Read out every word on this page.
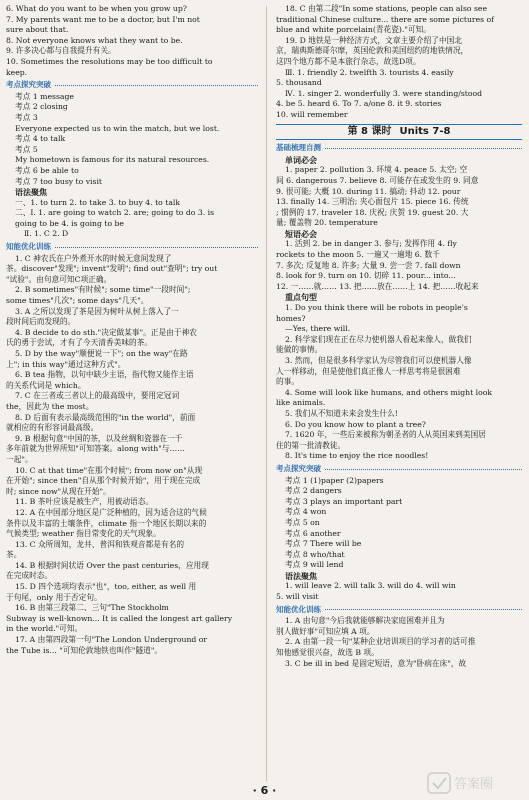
6. What do you want to be when you grow up?
7. My parents want me to be a doctor, but I'm not
sure about that.
8. Not everyone knows what they want to be.
9. 许多决心都与自我提升有关。
10. Sometimes the resolutions may be too difficult to
keep.
考点探究突破
考点 1 message
考点 2 closing
考点 3
Everyone expected us to win the match, but we lost.
考点 4 to talk
考点 5
My hometown is famous for its natural resources.
考点 6 be able to
考点 7 too busy to visit
语法聚焦
一、1. to turn 2. to take 3. to buy 4. to talk
二、Ⅰ. 1. are going to watch 2. are; going to do 3. is
going to be 4. is going to be
Ⅱ. 1. C 2. D
知能优化训练
1. C 神农氏在户外煮开水的时候无意间发现了
茶。discover"发现"; invent"发明"; find out"查明"; try out
"试验"。由句意可知C项正确。
2. B sometimes"有时候"; some time"一段时间";
some times"几次"; some days"几天"。
3. A 之所以发现了茶是因为树叶从树上落入了一
段时间后而发现的。
4. B decide to do sth."决定做某事"。正是由于神农
氏的勇于尝试，才有了今天清香美味的茶。
5. D by the way"顺便说一下"; on the way"在路
上"; in this way"通过这种方式"。
6. B tea 指物，以句中缺少主语，指代物又能作主语
的关系代词是 which。
7. C 在三者或三者以上的最高级中，要用定冠词
the，因此为 the most。
8. D 后面有表示最高级范围的"in the world"，前面
就相应的有形容词最高级。
9. B 根据句意"中国的茶，以及丝绸和瓷器在一千
多年前就为世界所知"可知答案。along with"与……
一起"。
10. C at that time"在那个时候"; from now on"从现
在开始"; since then"自从那个时候开始"，用于现在完成
时; since now"从现在开始"。
11. B 茶叶应该是被生产，用被动语态。
12. A 在中国部分地区是广泛种植的，因为适合这的气候
条件以及丰富的土壤条件，climate 指一个地区长期以来的
气候类型; weather 指目常变化的天气现象。
13. C 众所周知，龙井、普洱和铁观音都是有名的
茶。
14. B 根据时间状语 Over the past centuries，应用现
在完成时态。
15. D 四个选项均表示"也"，too, either, as well 用
于句尾，only 用于否定句。
16. B 由第三段第二、三句"The Stockholm
Subway is well-known... It is called the longest art gallery
in the world."可知。
17. A 由第四段第一句"The London Underground or
the Tube is... "可知伦敦地铁也叫作"隧道"。
18. C 由第二段"In some stations, people can also see
traditional Chinese culture... there are some pictures of
blue and white porcelain(青花瓷)."可知。
19. D 地铁是一种经济方式，文章主要介绍了中国北
京，瑞典斯德哥尔摩，英国伦敦和美国纽约的地铁情况，
这四个地方都不是本旅行杂志，故选D项。
Ⅲ. 1. friendly 2. twelfth 3. tourists 4. easily
5. thousand
Ⅳ. 1. singer 2. wonderfully 3. were standing/stood
4. be 5. heard 6. To 7. a/one 8. it 9. stories
10. will remember
第 8 课时 Units 7-8
基础梳理自测
单词必会
1. paper 2. pollution 3. 环境 4. peace 5. 太空; 空
间 6. dangerous 7. believe 8. 可能存在或发生的 9. 同意
9. 很可能; 大概 10. during 11. 搞动; 抖动 12. pour
13. finally 14. 三明治; 夹心面包片 15. piece 16. 传统
; 惯例的 17. traveler 18. 庆祝; 庆贺 19. guest 20. 大
量; 覆盖物 20. temperature
短语必会
1. 活到 2. be in danger 3. 参与; 发挥作用 4. fly
rockets to the moon 5. 一遍又一遍地 6. 数千
7. 多次; 反复地 8. 许多; 大量 9. 尝一尝 7. fall down
8. look for 9. turn on 10. 切碎 11. pour... into...
12. 一……就…… 13. 把……放在……上 14. 把……收起来
重点句型
1. Do you think there will be robots in people's
homes?
—Yes, there will.
2. 科学家们现在正在尽力使机器人看起来像人，做我们
能做的事情。
3. 然而，但是很多科学家认为尽管我们可以使机器人像
人一样移动，但是使他们真正像人一样思考将是很困难
的事。
4. Some will look like humans, and others might look
like animals.
5. 我们从不知道未来会发生什么!
6. Do you know how to plant a tree?
7. 1620 年，一些后来被称为朝圣者的人从英国来到美国居
住的第一批清教徒。
8. It's time to enjoy the rice noodles!
考点探究突破
考点 1 (1)paper (2)papers
考点 2 dangers
考点 3 plays an important part
考点 4 won
考点 5 on
考点 6 another
考点 7 There will be
考点 8 who/that
考点 9 will lend
语法聚焦
1. will leave 2. will talk 3. will do 4. will win
5. will visit
知能优化训练
1. A 由句意"今后我就能够解决家庭困难并且为
别人做好事"可知应填 A 项。
2. A 由第一段一句"某种企业培训项目的学习者的话可推
知他感觉很兴奋，故选 B 项。
3. C be ill in bed 是固定短语，意为"卧病在床"，故
· 6 ·	答案圈
